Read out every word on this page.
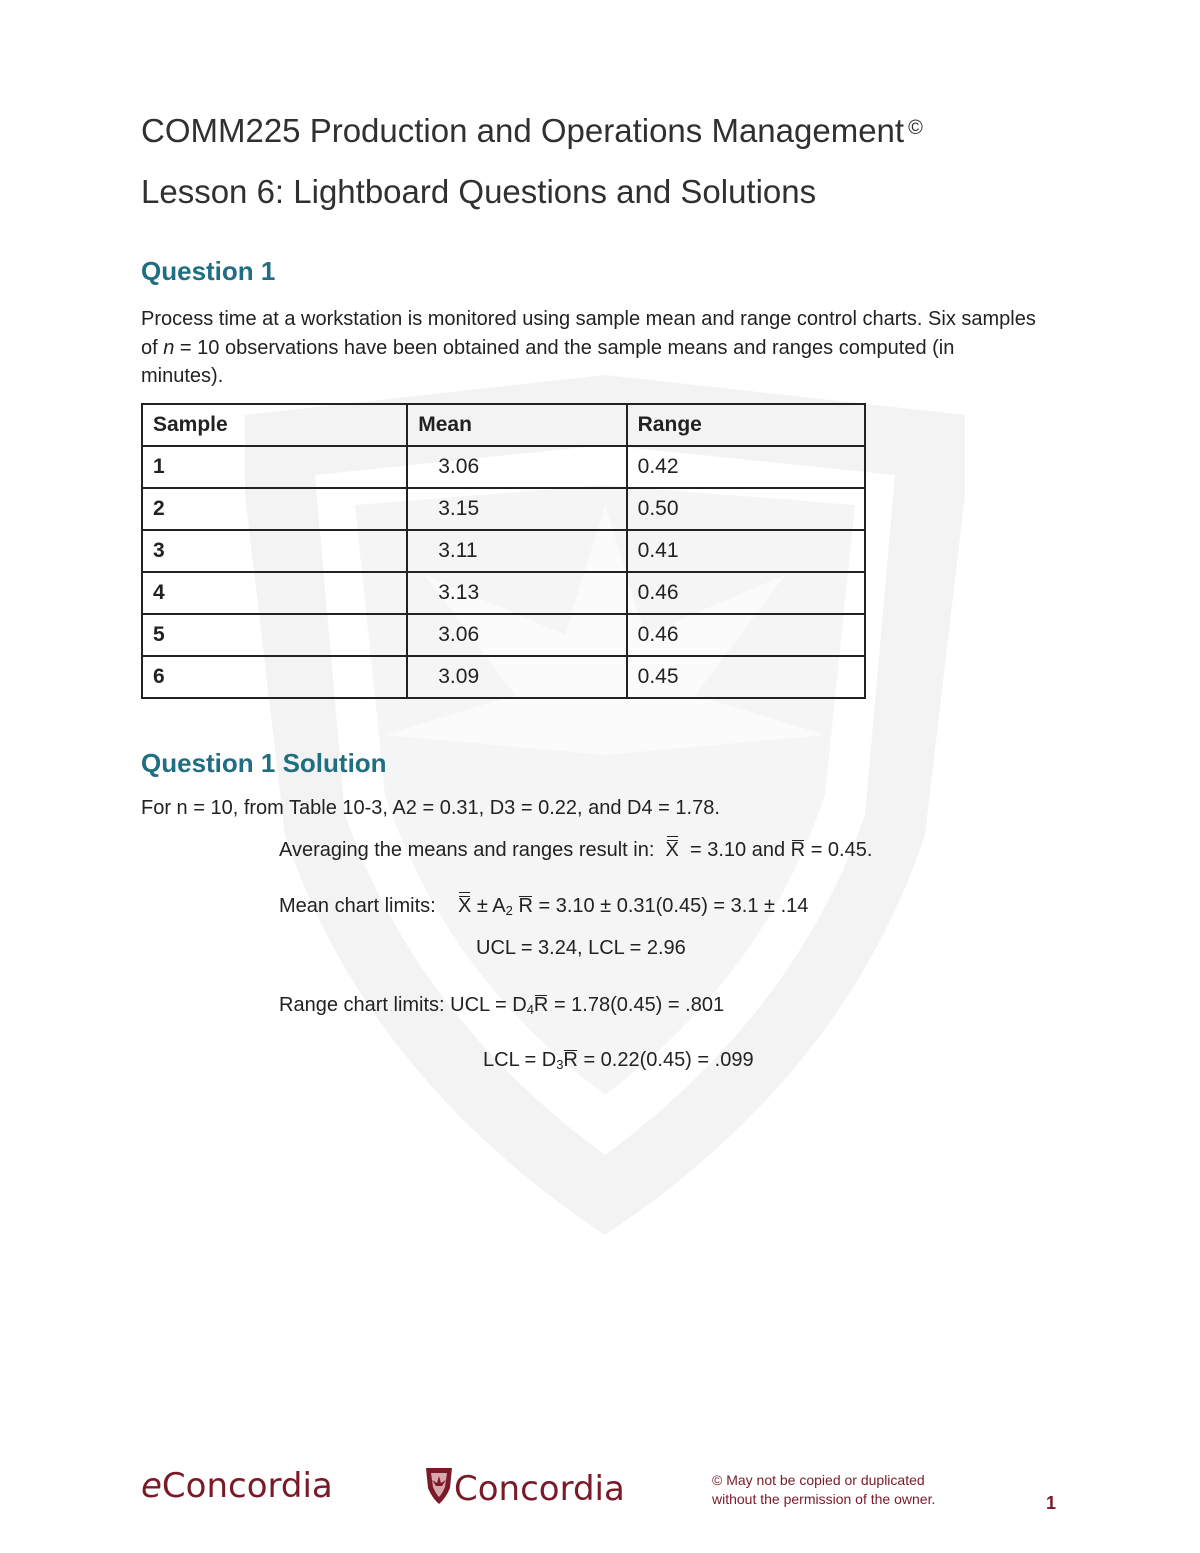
COMM225 Production and Operations Management ©
Lesson 6: Lightboard Questions and Solutions
Question 1
Process time at a workstation is monitored using sample mean and range control charts. Six samples of n = 10 observations have been obtained and the sample means and ranges computed (in minutes).
Sample	Mean	Range
1	3.06	0.42
2	3.15	0.50
3	3.11	0.41
4	3.13	0.46
5	3.06	0.46
6	3.09	0.45
Question 1 Solution
For n = 10, from Table 10-3, A2 = 0.31, D3 = 0.22, and D4 = 1.78.
Averaging the means and ranges result in: X = 3.10 and R = 0.45.
Mean chart limits: $X \pm A_2$ R = 3.10 ± 0.31(0.45) = 3.1 ± .14
UCL = 3.24, LCL = 2.96
Range chart limits: UCL = $D_4R = 1.78(0.45) = .801$
LCL = $D_3R = 0.22(0.45) = .099$
eConcordia	Concordia	© May not be copied or duplicated
without the permission of the owner.	1
